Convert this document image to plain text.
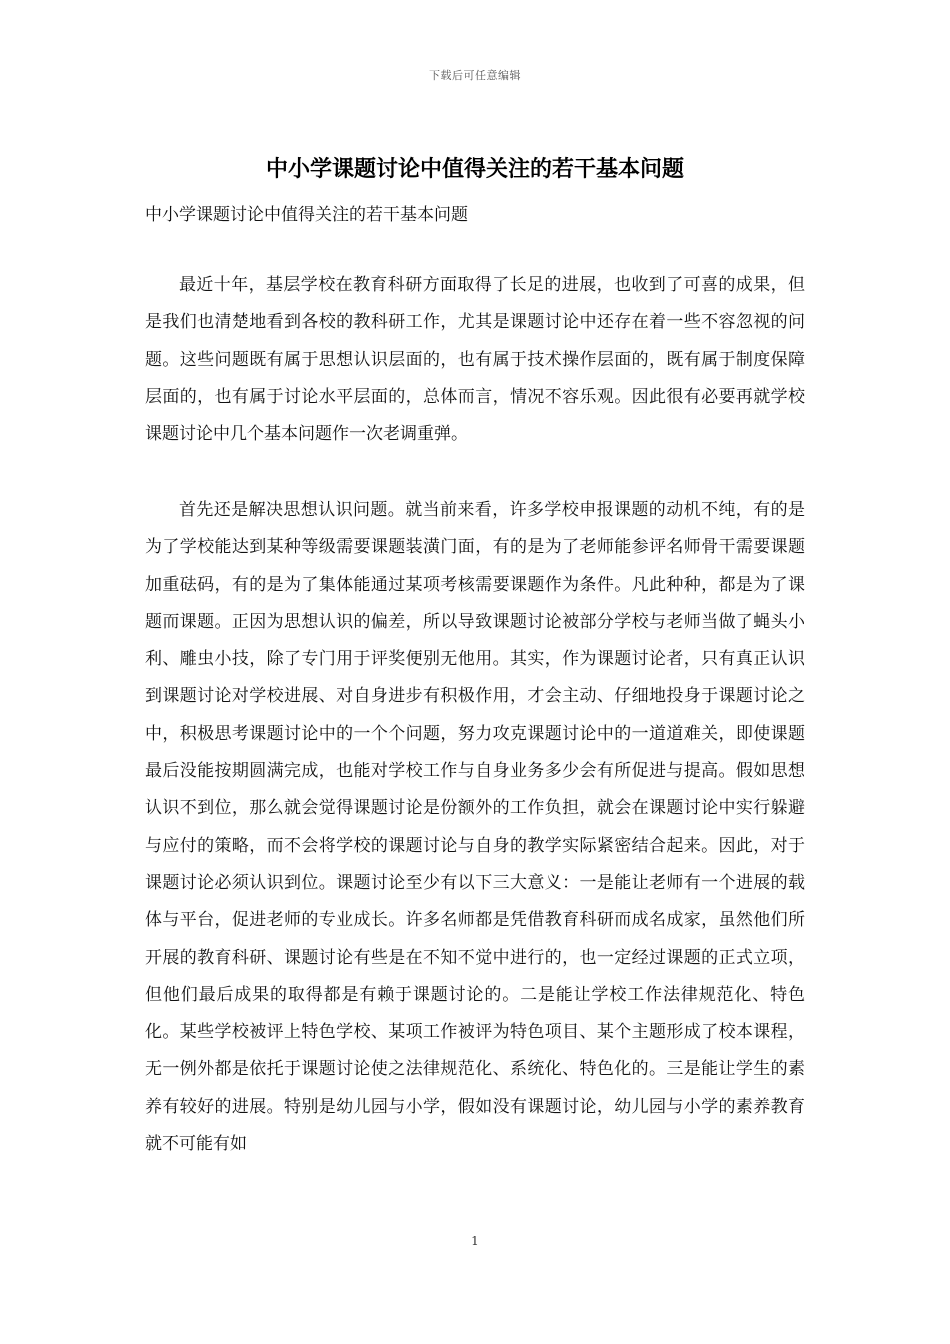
下载后可任意编辑
中小学课题讨论中值得关注的若干基本问题

中小学课题讨论中值得关注的若干基本问题

最近十年，基层学校在教育科研方面取得了长足的进展，也收到了可喜的成果，但是我们也清楚地看到各校的教科研工作，尤其是课题讨论中还存在着一些不容忽视的问题。这些问题既有属于思想认识层面的，也有属于技术操作层面的，既有属于制度保障层面的，也有属于讨论水平层面的，总体而言，情况不容乐观。因此很有必要再就学校课题讨论中几个基本问题作一次老调重弹。

首先还是解决思想认识问题。就当前来看，许多学校申报课题的动机不纯，有的是为了学校能达到某种等级需要课题装潢门面，有的是为了老师能参评名师骨干需要课题加重砝码，有的是为了集体能通过某项考核需要课题作为条件。凡此种种，都是为了课题而课题。正因为思想认识的偏差，所以导致课题讨论被部分学校与老师当做了蝇头小利、雕虫小技，除了专门用于评奖便别无他用。其实，作为课题讨论者，只有真正认识到课题讨论对学校进展、对自身进步有积极作用，才会主动、仔细地投身于课题讨论之中，积极思考课题讨论中的一个个问题，努力攻克课题讨论中的一道道难关，即使课题最后没能按期圆满完成，也能对学校工作与自身业务多少会有所促进与提高。假如思想认识不到位，那么就会觉得课题讨论是份额外的工作负担，就会在课题讨论中实行躲避与应付的策略，而不会将学校的课题讨论与自身的教学实际紧密结合起来。因此，对于课题讨论必须认识到位。课题讨论至少有以下三大意义：一是能让老师有一个进展的载体与平台，促进老师的专业成长。许多名师都是凭借教育科研而成名成家，虽然他们所开展的教育科研、课题讨论有些是在不知不觉中进行的，也一定经过课题的正式立项，但他们最后成果的取得都是有赖于课题讨论的。二是能让学校工作法律规范化、特色化。某些学校被评上特色学校、某项工作被评为特色项目、某个主题形成了校本课程，无一例外都是依托于课题讨论使之法律规范化、系统化、特色化的。三是能让学生的素养有较好的进展。特别是幼儿园与小学，假如没有课题讨论，幼儿园与小学的素养教育就不可能有如

1
